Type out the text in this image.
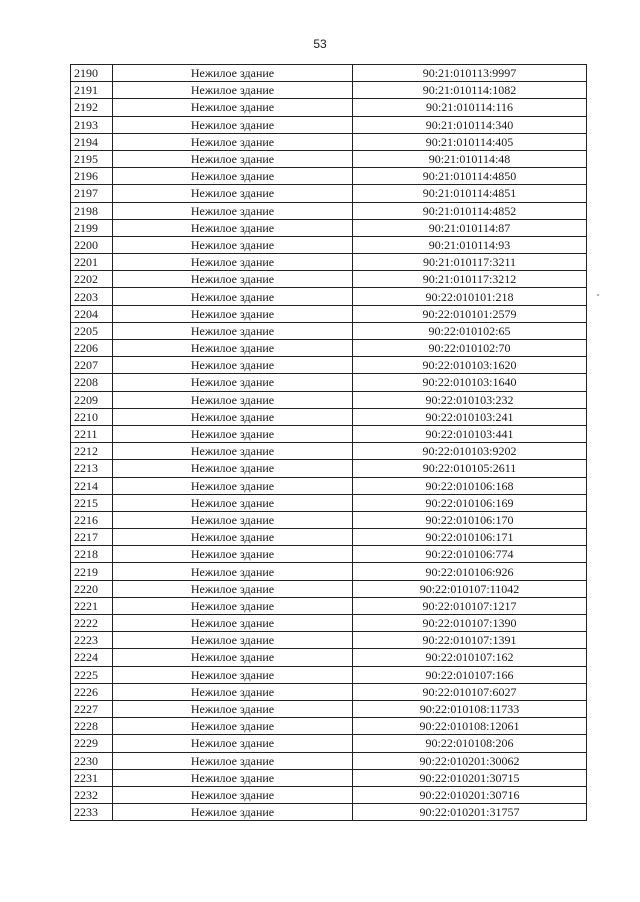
53
2190	Нежилое здание	90:21:010113:9997
2191	Нежилое здание	90:21:010114:1082
2192	Нежилое здание	90:21:010114:116
2193	Нежилое здание	90:21:010114:340
2194	Нежилое здание	90:21:010114:405
2195	Нежилое здание	90:21:010114:48
2196	Нежилое здание	90:21:010114:4850
2197	Нежилое здание	90:21:010114:4851
2198	Нежилое здание	90:21:010114:4852
2199	Нежилое здание	90:21:010114:87
2200	Нежилое здание	90:21:010114:93
2201	Нежилое здание	90:21:010117:3211
2202	Нежилое здание	90:21:010117:3212
2203	Нежилое здание	90:22:010101:218
2204	Нежилое здание	90:22:010101:2579
2205	Нежилое здание	90:22:010102:65
2206	Нежилое здание	90:22:010102:70
2207	Нежилое здание	90:22:010103:1620
2208	Нежилое здание	90:22:010103:1640
2209	Нежилое здание	90:22:010103:232
2210	Нежилое здание	90:22:010103:241
2211	Нежилое здание	90:22:010103:441
2212	Нежилое здание	90:22:010103:9202
2213	Нежилое здание	90:22:010105:2611
2214	Нежилое здание	90:22:010106:168
2215	Нежилое здание	90:22:010106:169
2216	Нежилое здание	90:22:010106:170
2217	Нежилое здание	90:22:010106:171
2218	Нежилое здание	90:22:010106:774
2219	Нежилое здание	90:22:010106:926
2220	Нежилое здание	90:22:010107:11042
2221	Нежилое здание	90:22:010107:1217
2222	Нежилое здание	90:22:010107:1390
2223	Нежилое здание	90:22:010107:1391
2224	Нежилое здание	90:22:010107:162
2225	Нежилое здание	90:22:010107:166
2226	Нежилое здание	90:22:010107:6027
2227	Нежилое здание	90:22:010108:11733
2228	Нежилое здание	90:22:010108:12061
2229	Нежилое здание	90:22:010108:206
2230	Нежилое здание	90:22:010201:30062
2231	Нежилое здание	90:22:010201:30715
2232	Нежилое здание	90:22:010201:30716
2233	Нежилое здание	90:22:010201:31757
